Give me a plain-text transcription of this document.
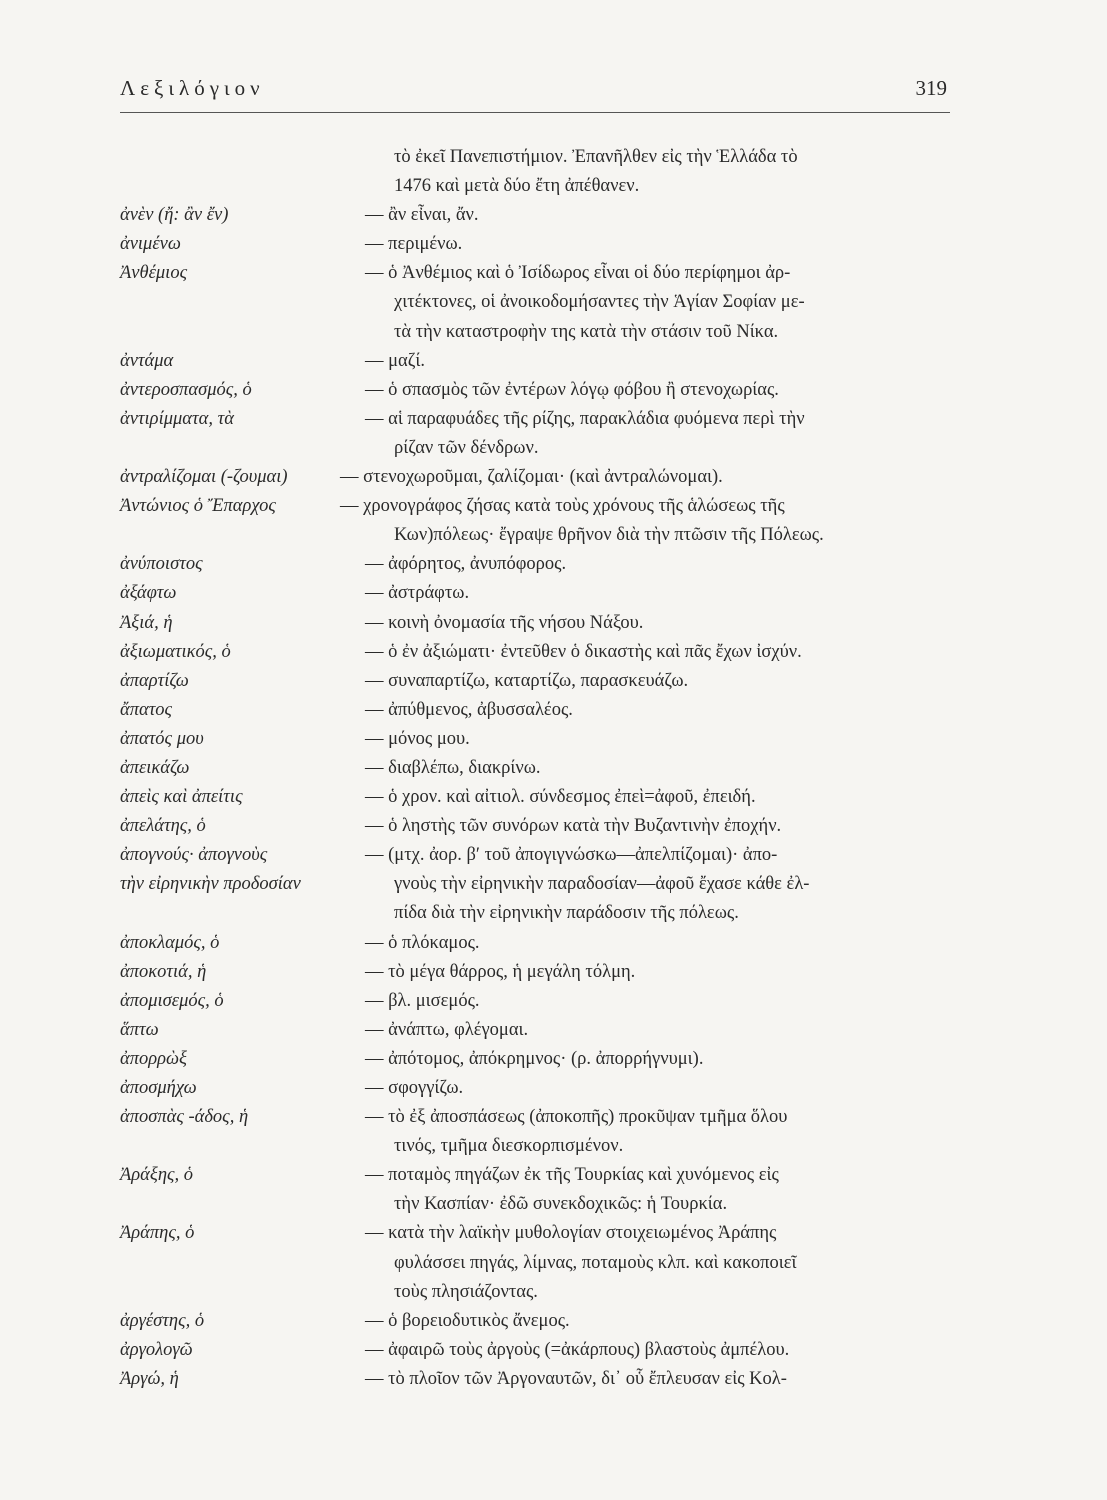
Λεξιλόγιον	319
τὸ ἐκεῖ Πανεπιστήμιον. Ἐπανῆλθεν εἰς τὴν Ἑλλάδα τὸ
1476 καὶ μετὰ δύο ἔτη ἀπέθανεν.
ἀνὲν (ἤ: ἂν ἔν)	— ἂν εἶναι, ἄν.
ἀνιμένω	— περιμένω.
Ἀνθέμιος	— ὁ Ἀνθέμιος καὶ ὁ Ἰσίδωρος εἶναι οἱ δύο περίφημοι ἀρ-
χιτέκτονες, οἱ ἀνοικοδομήσαντες τὴν Ἁγίαν Σοφίαν με-
τὰ τὴν καταστροφὴν της κατὰ τὴν στάσιν τοῦ Νίκα.
ἀντάμα	— μαζί.
ἀντεροσπασμός, ὁ	— ὁ σπασμὸς τῶν ἐντέρων λόγῳ φόβου ἢ στενοχωρίας.
ἀντιρίμματα, τὰ	— αἱ παραφυάδες τῆς ρίζης, παρακλάδια φυόμενα περὶ τὴν
ρίζαν τῶν δένδρων.
ἀντραλίζομαι (-ζουμαι)	— στενοχωροῦμαι, ζαλίζομαι· (καὶ ἀντραλώνομαι).
Ἀντώνιος ὁ Ἔπαρχος	— χρονογράφος ζήσας κατὰ τοὺς χρόνους τῆς ἁλώσεως τῆς
Κων)πόλεως· ἔγραψε θρῆνον διὰ τὴν πτῶσιν τῆς Πόλεως.
ἀνύποιστος	— ἀφόρητος, ἀνυπόφορος.
ἀξάφτω	— ἀστράφτω.
Ἀξιά, ἡ	— κοινὴ ὀνομασία τῆς νήσου Νάξου.
ἀξιωματικός, ὁ	— ὁ ἐν ἀξιώματι· ἐντεῦθεν ὁ δικαστὴς καὶ πᾶς ἔχων ἰσχύν.
ἀπαρτίζω	— συναπαρτίζω, καταρτίζω, παρασκευάζω.
ἄπατος	— ἀπύθμενος, ἀβυσσαλέος.
ἀπατός μου	— μόνος μου.
ἀπεικάζω	— διαβλέπω, διακρίνω.
ἀπεὶς καὶ ἀπείτις	— ὁ χρον. καὶ αἰτιολ. σύνδεσμος ἐπεὶ=ἀφοῦ, ἐπειδή.
ἀπελάτης, ὁ	— ὁ ληστὴς τῶν συνόρων κατὰ τὴν Βυζαντινὴν ἐποχήν.
ἀπογνούς· ἀπογνοὺς	— (μτχ. ἀορ. β′ τοῦ ἀπογιγνώσκω—ἀπελπίζομαι)· ἀπο-
τὴν εἰρηνικὴν προδοσίαν	γνοὺς τὴν εἰρηνικὴν παραδοσίαν—ἀφοῦ ἔχασε κάθε ἐλ-
πίδα διὰ τὴν εἰρηνικὴν παράδοσιν τῆς πόλεως.
ἀποκλαμός, ὁ	— ὁ πλόκαμος.
ἀποκοτιά, ἡ	— τὸ μέγα θάρρος, ἡ μεγάλη τόλμη.
ἀπομισεμός, ὁ	— βλ. μισεμός.
ἅπτω	— ἀνάπτω, φλέγομαι.
ἀπορρὼξ	— ἀπότομος, ἀπόκρημνος· (ρ. ἀπορρήγνυμι).
ἀποσμήχω	— σφογγίζω.
ἀποσπὰς -άδος, ἡ	— τὸ ἐξ ἀποσπάσεως (ἀποκοπῆς) προκῦψαν τμῆμα ὅλου
τινός, τμῆμα διεσκορπισμένον.
Ἀράξης, ὁ	— ποταμὸς πηγάζων ἐκ τῆς Τουρκίας καὶ χυνόμενος εἰς
τὴν Κασπίαν· ἐδῶ συνεκδοχικῶς: ἡ Τουρκία.
Ἀράπης, ὁ	— κατὰ τὴν λαϊκὴν μυθολογίαν στοιχειωμένος Ἀράπης
φυλάσσει πηγάς, λίμνας, ποταμοὺς κλπ. καὶ κακοποιεῖ
τοὺς πλησιάζοντας.
ἀργέστης, ὁ	— ὁ βορειοδυτικὸς ἄνεμος.
ἀργολογῶ	— ἀφαιρῶ τοὺς ἀργοὺς (=ἀκάρπους) βλαστοὺς ἀμπέλου.
Ἀργώ, ἡ	— τὸ πλοῖον τῶν Ἀργοναυτῶν, δι᾽ οὗ ἔπλευσαν εἰς Κολ-
